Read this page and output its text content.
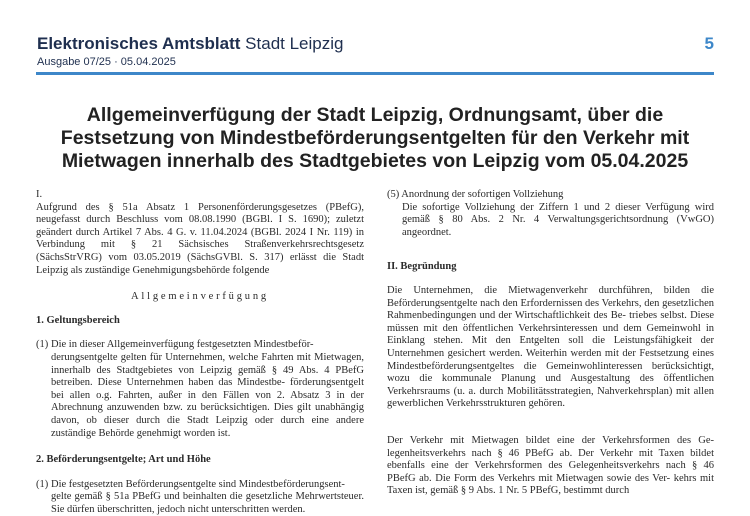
Elektronisches Amtsblatt Stadt Leipzig
Ausgabe 07/25 · 05.04.2025
5
Allgemeinverfügung der Stadt Leipzig, Ordnungsamt, über die
Festsetzung von Mindestbeförderungsentgelten für den Verkehr mit
Mietwagen innerhalb des Stadtgebietes von Leipzig vom 05.04.2025

I.

Aufgrund des § 51a Absatz 1 Personenförderungsgesetzes (PBefG), neugefasst durch Beschluss vom 08.08.1990 (BGBl. I S. 1690); zuletzt geändert durch Artikel 7 Abs. 4 G. v. 11.04.2024 (BGBl. 2024 I Nr. 119) in Verbindung mit § 21 Sächsisches Straßenverkehrsrechtsgesetz (SächsStrVRG) vom 03.05.2019 (SächsGVBl. S. 317) erlässt die Stadt Leipzig als zuständige Genehmigungsbehörde folgende

Allgemeinverfügung

1. Geltungsbereich

(1) Die in dieser Allgemeinverfügung festgesetzten Mindestbeför-

derungsentgelte gelten für Unternehmen, welche Fahrten mit Mietwagen, innerhalb des Stadtgebietes von Leipzig gemäß § 49 Abs. 4 PBefG betreiben. Diese Unternehmen haben das Mindestbe- förderungsentgelt bei allen o.g. Fahrten, außer in den Fällen von 2. Absatz 3 in der Abrechnung anzuwenden bzw. zu berücksichtigen. Dies gilt unabhängig davon, ob dieser durch die Stadt Leipzig oder durch eine andere zuständige Behörde genehmigt worden ist.

2. Beförderungsentgelte; Art und Höhe

(1) Die festgesetzten Beförderungsentgelte sind Mindestbeförderungsent-

gelte gemäß § 51a PBefG und beinhalten die gesetzliche Mehrwertsteuer. Sie dürfen überschritten, jedoch nicht unterschritten werden.

(5) Anordnung der sofortigen Vollziehung

Die sofortige Vollziehung der Ziffern 1 und 2 dieser Verfügung wird gemäß § 80 Abs. 2 Nr. 4 Verwaltungsgerichtsordnung (VwGO) angeordnet.

II. Begründung

Die Unternehmen, die Mietwagenverkehr durchführen, bilden die Beförderungsentgelte nach den Erfordernissen des Verkehrs, den gesetzlichen Rahmenbedingungen und der Wirtschaftlichkeit des Be- triebes selbst. Diese müssen mit den öffentlichen Verkehrsinteressen und dem Gemeinwohl in Einklang stehen. Mit den Entgelten soll die Leistungsfähigkeit der Unternehmen gesichert werden. Weiterhin werden mit der Festsetzung eines Mindestbeförderungsentgeltes die Gemeinwohlinteressen berücksichtigt, wozu die kommunale Planung und Ausgestaltung des öffentlichen Verkehrsraums (u. a. durch Mobilitätsstrategien, Nahverkehrsplan) mit allen gewerblichen Verkehrsstrukturen gehören.

Der Verkehr mit Mietwagen bildet eine der Verkehrsformen des Ge- legenheitsverkehrs nach § 46 PBefG ab. Der Verkehr mit Taxen bildet ebenfalls eine der Verkehrsformen des Gelegenheitsverkehrs nach § 46 PBefG ab. Die Form des Verkehrs mit Mietwagen sowie des Ver- kehrs mit Taxen ist, gemäß § 9 Abs. 1 Nr. 5 PBefG, bestimmt durch
